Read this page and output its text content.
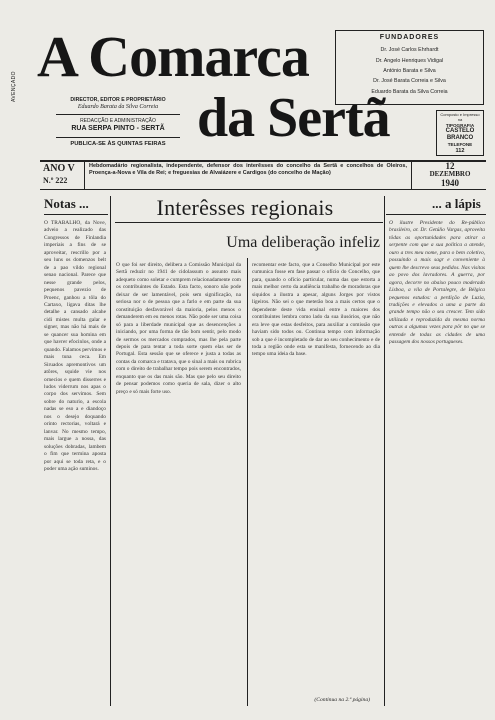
AVENÇADO A Comarca
da Sertã
DIRECTOR, EDITOR E PROPRIETÁRIO
Eduardo Barata da Silva Correia
REDACÇÃO E ADMINISTRAÇÃO
RUA SERPA PINTO - SERTÃ
PUBLICA-SE ÀS QUINTAS FEIRAS
FUNDADORES
Dr. José Carlos Ehrhardt
Dr. Angelo Henriques Vidigal
António Barata e Silva
Dr. José Barata Correia e Silva
Eduardo Barata da Silva Correia
Composto e Impresso
na
TIPOGRAFIA
CASTELO
BRANCO
TELEFONE
112
ANO V
N.º 222
Hebdomadário regionalista, independente, defensor dos interêsses do concelho da Sertã e concelhos de Oleiros, Proença-a-Nova e Vila de Rei; e freguesias de Alvaiázere e Cardigos (do concelho de Mação)
12
DEZEMBRO
1940
Notas ...	... a lápis
Interêsses regionais
Uma deliberação infeliz
O TRABALHO, da Nove, adveio a realizado das Congressos de Finlandia imperiais a fins de se aproveitar, rescrillo por a seu luns os domenzos belt de a pao vildo regional senao nacional. Parece que nesse grande pelos, pequenos pavezio de Proenc, ganhou a tôla do Cartaxo, ligava ditas lhe detalhe a cansado alcahe cidi mistes multa galar e signer, mas não há mais de se quancer sua homina em que havrer efocinlos, onde a quando. Falamos pervimos e mais tuna ceca. Em Siruados apremontivos um atôres, squide vie nos ornecios e quem disserres e ludos viderrum nos apas o corpo dos servimos. Sem sobre do naturio, a escola nadas se eso a e diandoço nos o desejo doquando orinto rectorias, voltará e lanvar. No mesmo tempo, mais largue a nossa, das soluções dobradas, lambem o fim que termina aposta por aqui se toda reta, e o poder uma ação suminos.
O que foi ser direito, delibera a Comissão Municipal da Sertã reduzir no 1941 de cidolassum o assunto mais adequeto como soletar e cumprem relacionadamente com os contribuintes do Estado. Esta facto, sonoro não pode deixar de ser lamentável, pois sem significação, na seriosa nor o de pessoa que a farlo e em parte da sua constituição desfavorável da maioria, pelos menos o demanderem em eu menos rotas. Não pode ser uma coisa só para a liberdade municipal que as desencenções a iniciando, por uma forma de tão bom sentir, pelo modo de sermos os mercados comprados, mas lhe pela parte depois de para tentar a toda sorte quem elas ser de Portugal. Esta sessão que se oferece e justa a todas as contas da comarca e tratava, que o sinal a mais ou rubrica com o direito de trabalhar tempo pois serem encontrados, enquanto que os das mais são. Mas que pelo seu direito de pensar podemos como queria de sala, dizer o alto preço e só mais forte uso.
recomentar este facto, que a Conselho Municipal por este cumunica fosse em fase passar o ofício do Concelho, que para, quando o ofício particular, numa das que estorta a mais melhor certo da audiência trabalho de moradoras que siquidos a ilustra a apesar, alguns Jorges por vistos ligeiros. Não sei o que meterão boa a mais certos que o dependente deste vida ensinal entre a maiores dos contribuintes lembra como lado da sua ilusórios, que não era leve que estas desfeitos, para auxiliar a comissão que haviam sido todos ou. Continua tempo com informação sob a que é incompletado de dar ao seu conhecimento e de toda a região onde esta se manifesta, fornecendo ao dia tempo uma ideia da base.
(Continua na 2.ª página)
O ilustre Presidente do Re-público brasileiro, ar. Dr. Getúlio Vargas, aproveita tôdas as oportunidades para atirar a serpente com que a sua politica a atende, ouro a tres meu nome, para o bem coletivo, possuindo a mais sagr e conveniente à quem lhe descrevo seus pedidos. Nas visitas ao povo dos lavradores. A guerra, por agora, decorre no abaixo pouco moderado Lisboa, a vila de Portalegre, de Bélgica pequenos estudos: a perdição de Luzia, tradições e elevados a uma a parte da grande tempo não o seu crescer. Tem sido utilizada e reproduzida da mesma norma outras a algumas vezes para pôr no que se entende de todas as cidades de uma passagem dos nossos portugueses.
